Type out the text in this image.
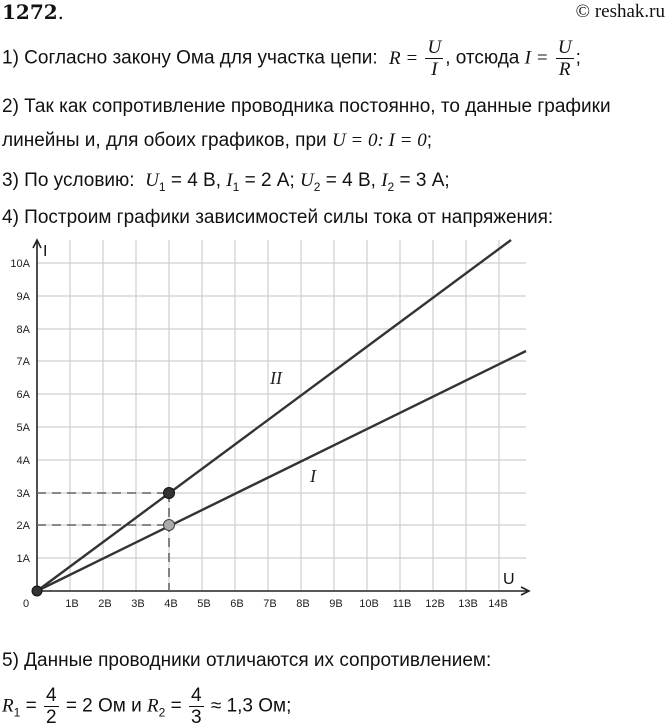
1272.	© reshak.ru
1) Согласно закону Ома для участка цепи: $R = \frac{U}{I}$ , отсюда $I = \frac{U}{R}$ ;
2) Так как сопротивление проводника постоянно, то данные графики
линейны и, для обоих графиков, при U = 0: I = 0;
3) По условию: $U_1 = 4$ В, $I_1 = 2$ А; $U_2 = 4$ В, $I_2 = 3$ А;
4) Построим графики зависимостей силы тока от напряжения:
I
U
1А
2А
3А
4А
5А
6А
7А
8А
9А
10А
0	1В 2В 3В 4В 5В 6В 7В 8В 9В 10В 11В 12В 13В 14В
II
I
5) Данные проводники отличаются их сопротивлением:
$R_1 = \frac{4}{2} = 2$ Ом и $R_2 = \frac{4}{3} \approx 1,3$ Ом;
